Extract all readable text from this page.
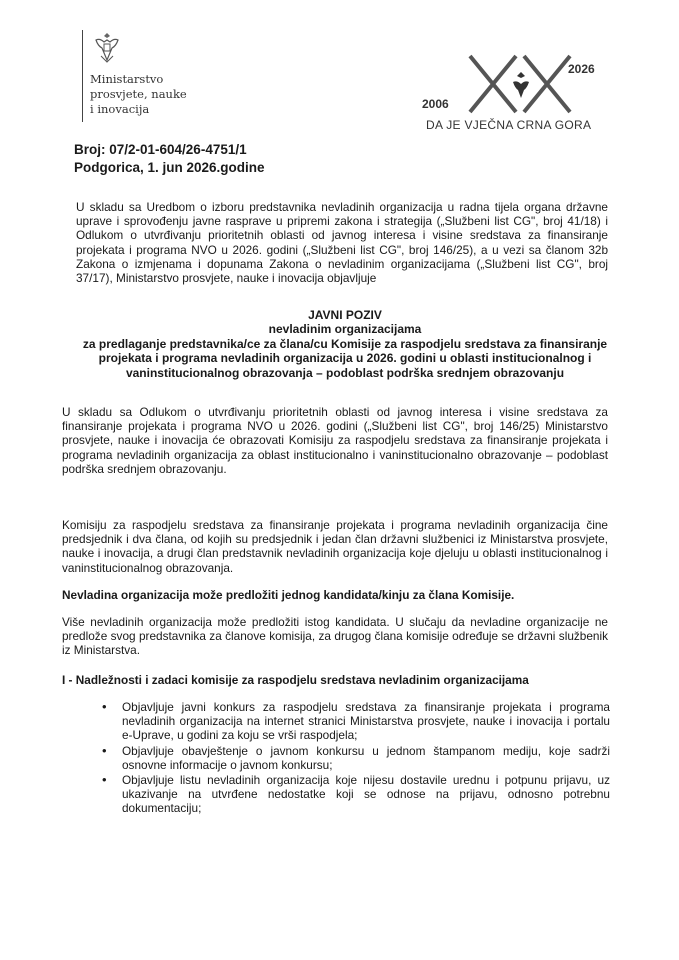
Ministarstvo
prosvjete, nauke
i inovacija	2006
2026
DA JE VJEČNA CRNA GORA
Broj: 07/2-01-604/26-4751/1
Podgorica, 1. jun 2026.godine

U skladu sa Uredbom o izboru predstavnika nevladinih organizacija u radna tijela organa državne uprave i sprovođenju javne rasprave u pripremi zakona i strategija („Službeni list CG", broj 41/18) i Odlukom o utvrđivanju prioritetnih oblasti od javnog interesa i visine sredstava za finansiranje projekata i programa NVO u 2026. godini („Službeni list CG", broj 146/25), a u vezi sa članom 32b Zakona o izmjenama i dopunama Zakona o nevladinim organizacijama („Službeni list CG", broj 37/17), Ministarstvo prosvjete, nauke i inovacija objavljuje

JAVNI POZIV
nevladinim organizacijama
za predlaganje predstavnika/ce za člana/cu Komisije za raspodjelu sredstava za finansiranje projekata i programa nevladinih organizacija u 2026. godini u oblasti institucionalnog i vaninstitucionalnog obrazovanja – podoblast podrška srednjem obrazovanju

U skladu sa Odlukom o utvrđivanju prioritetnih oblasti od javnog interesa i visine sredstava za finansiranje projekata i programa NVO u 2026. godini („Službeni list CG", broj 146/25) Ministarstvo prosvjete, nauke i inovacija će obrazovati Komisiju za raspodjelu sredstava za finansiranje projekata i programa nevladinih organizacija za oblast institucionalno i vaninstitucionalno obrazovanje – podoblast podrška srednjem obrazovanju.

Komisiju za raspodjelu sredstava za finansiranje projekata i programa nevladinih organizacija čine predsjednik i dva člana, od kojih su predsjednik i jedan član državni službenici iz Ministarstva prosvjete, nauke i inovacija, a drugi član predstavnik nevladinih organizacija koje djeluju u oblasti institucionalnog i vaninstitucionalnog obrazovanja.

Nevladina organizacija može predložiti jednog kandidata/kinju za člana Komisije.

Više nevladinih organizacija može predložiti istog kandidata. U slučaju da nevladine organizacije ne predlože svog predstavnika za članove komisija, za drugog člana komisije određuje se državni službenik iz Ministarstva.

I - Nadležnosti i zadaci komisije za raspodjelu sredstava nevladinim organizacijama

• Objavljuje javni konkurs za raspodjelu sredstava za finansiranje projekata i programa nevladinih organizacija na internet stranici Ministarstva prosvjete, nauke i inovacija i portalu e-Uprave, u godini za koju se vrši raspodjela;
• Objavljuje obavještenje o javnom konkursu u jednom štampanom mediju, koje sadrži osnovne informacije o javnom konkursu;
• Objavljuje listu nevladinih organizacija koje nijesu dostavile urednu i potpunu prijavu, uz ukazivanje na utvrđene nedostatke koji se odnose na prijavu, odnosno potrebnu dokumentaciju;
